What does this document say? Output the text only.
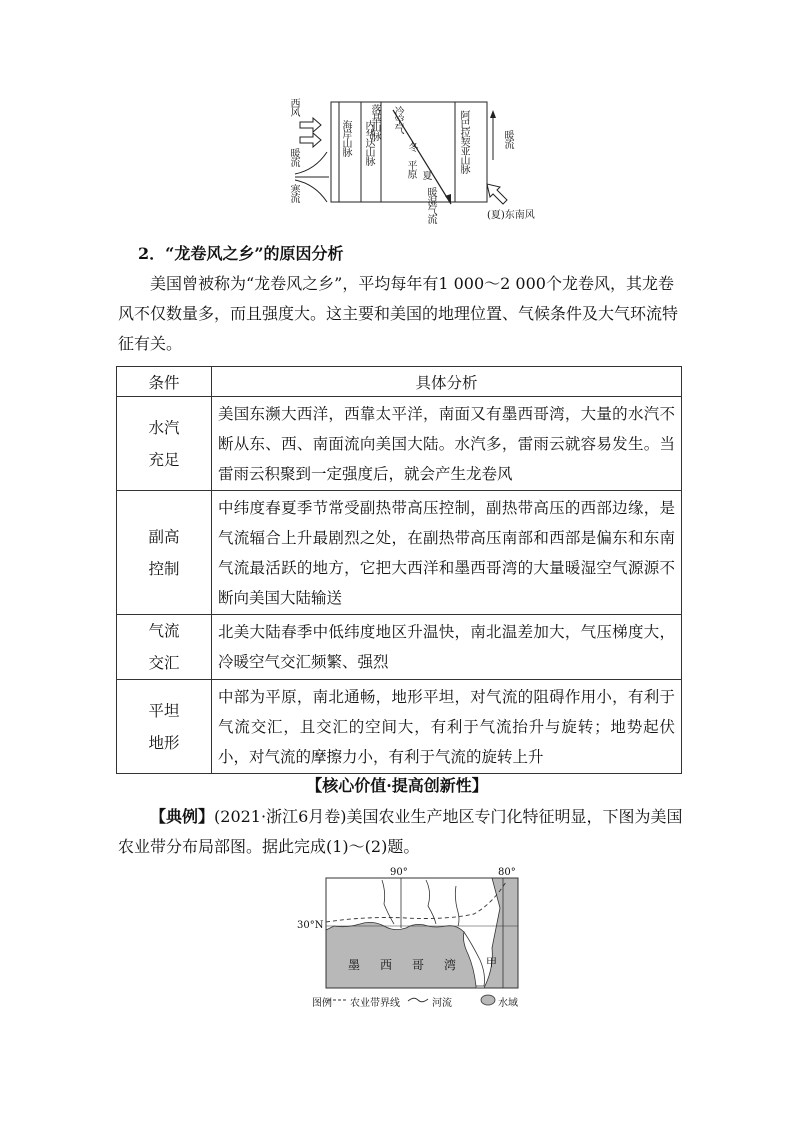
西风
暖流
寒流
海岸山脉 内华达山脉
落基山脉 冷空气
冬
平原 夏
暖湿气流
阿巴拉契亚山脉	暖流
(夏)东南风

2．“龙卷风之乡”的原因分析

美国曾被称为“龙卷风之乡”，平均每年有1 000～2 000个龙卷风，其龙卷风不仅数量多，而且强度大。这主要和美国的地理位置、气候条件及大气环流特征有关。

条件	具体分析

水汽
充足	美国东濒大西洋，西靠太平洋，南面又有墨西哥湾，大量的水汽不断从东、西、南面流向美国大陆。水汽多，雷雨云就容易发生。当雷雨云积聚到一定强度后，就会产生龙卷风

副高
控制	中纬度春夏季节常受副热带高压控制，副热带高压的西部边缘，是气流辐合上升最剧烈之处，在副热带高压南部和西部是偏东和东南气流最活跃的地方，它把大西洋和墨西哥湾的大量暖湿空气源源不断向美国大陆输送

气流
交汇	北美大陆春季中低纬度地区升温快，南北温差加大，气压梯度大，冷暖空气交汇频繁、强烈

平坦
地形	中部为平原，南北通畅，地形平坦，对气流的阻碍作用小，有利于气流交汇，且交汇的空间大，有利于气流抬升与旋转；地势起伏小，对气流的摩擦力小，有利于气流的旋转上升

【核心价值·提高创新性】

【典例】(2021·浙江6月卷)美国农业生产地区专门化特征明显，下图为美国农业带分布局部图。据此完成(1)～(2)题。

90°	80°
30°N
墨 西 哥 湾	甲
图例 农业带界线	河流	水域
